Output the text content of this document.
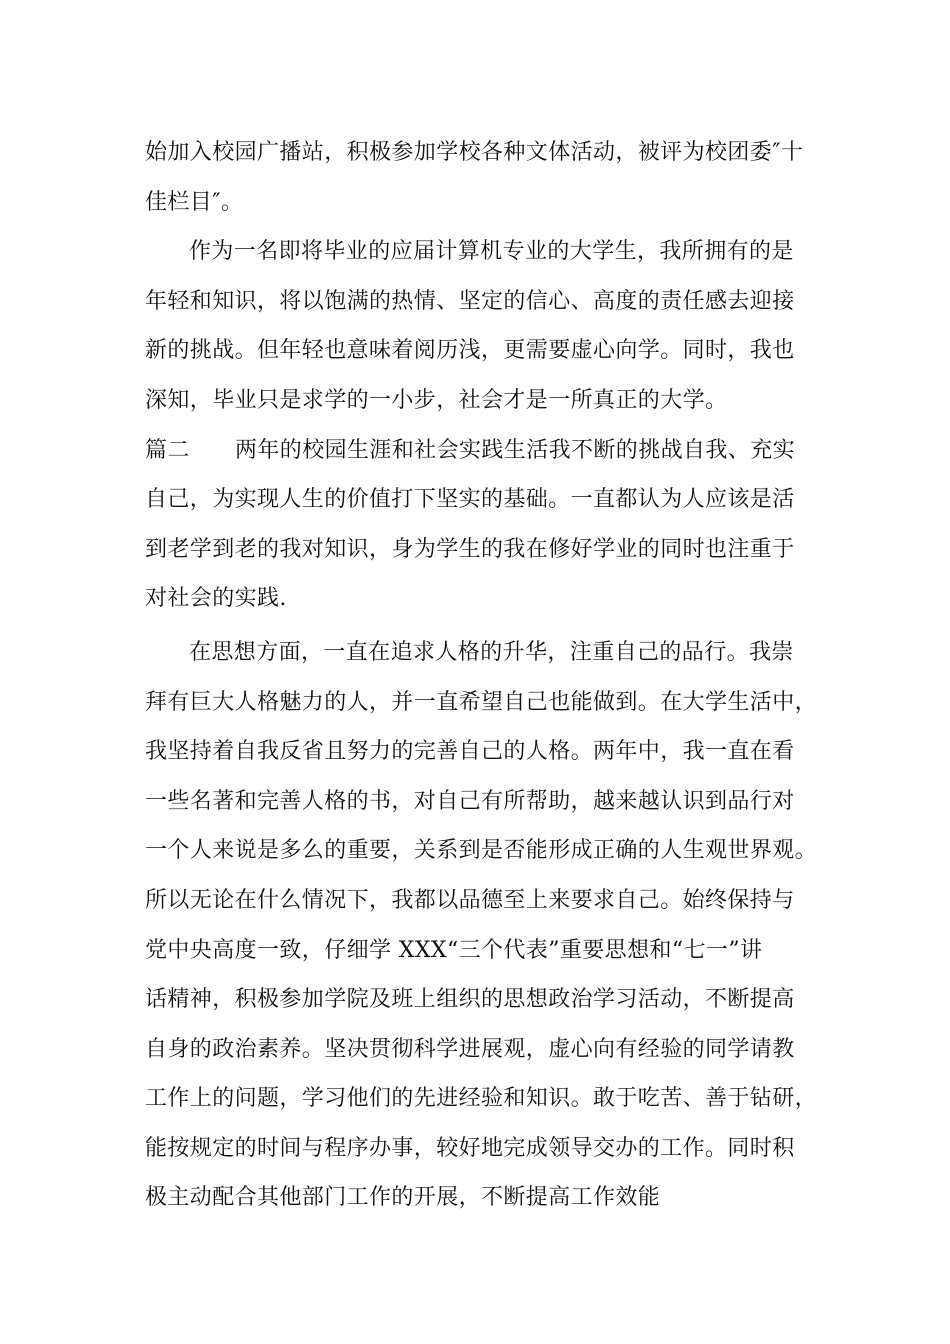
始加入校园广播站，积极参加学校各种文体活动，被评为校团委″十
佳栏目″。
作为一名即将毕业的应届计算机专业的大学生，我所拥有的是
年轻和知识，将以饱满的热情、坚定的信心、高度的责任感去迎接
新的挑战。但年轻也意味着阅历浅，更需要虚心向学。同时，我也
深知，毕业只是求学的一小步，社会才是一所真正的大学。
篇二 两年的校园生涯和社会实践生活我不断的挑战自我、充实
自己，为实现人生的价值打下坚实的基础。一直都认为人应该是活
到老学到老的我对知识，身为学生的我在修好学业的同时也注重于
对社会的实践.
在思想方面，一直在追求人格的升华，注重自己的品行。我崇
拜有巨大人格魅力的人，并一直希望自己也能做到。在大学生活中，
我坚持着自我反省且努力的完善自己的人格。两年中，我一直在看
一些名著和完善人格的书，对自己有所帮助，越来越认识到品行对
一个人来说是多么的重要，关系到是否能形成正确的人生观世界观。
所以无论在什么情况下，我都以品德至上来要求自己。始终保持与
党中央高度一致，仔细学 XXX“三个代表”重要思想和“七一”讲
话精神，积极参加学院及班上组织的思想政治学习活动，不断提高
自身的政治素养。坚决贯彻科学进展观，虚心向有经验的同学请教
工作上的问题，学习他们的先进经验和知识。敢于吃苦、善于钻研，
能按规定的时间与程序办事，较好地完成领导交办的工作。同时积
极主动配合其他部门工作的开展，不断提高工作效能
